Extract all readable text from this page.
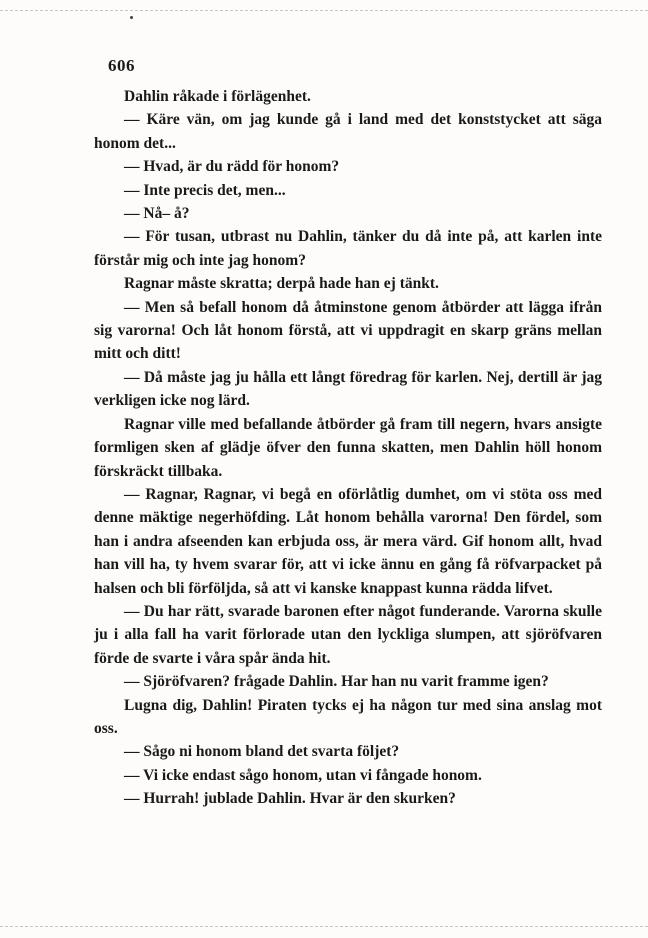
606

Dahlin råkade i förlägenhet.

— Käre vän, om jag kunde gå i land med det konststycket att säga honom det...

— Hvad, är du rädd för honom?

— Inte precis det, men...

— Nå– å?

— För tusan, utbrast nu Dahlin, tänker du då inte på, att karlen inte förstår mig och inte jag honom?

Ragnar måste skratta; derpå hade han ej tänkt.

— Men så befall honom då åtminstone genom åtbörder att lägga ifrån sig varorna! Och låt honom förstå, att vi uppdragit en skarp gräns mellan mitt och ditt!

— Då måste jag ju hålla ett långt föredrag för karlen. Nej, dertill är jag verkligen icke nog lärd.

Ragnar ville med befallande åtbörder gå fram till negern, hvars ansigte formligen sken af glädje öfver den funna skatten, men Dahlin höll honom förskräckt tillbaka.

— Ragnar, Ragnar, vi begå en oförlåtlig dumhet, om vi stöta oss med denne mäktige negerhöfding. Låt honom behålla varorna! Den fördel, som han i andra afseenden kan erbjuda oss, är mera värd. Gif honom allt, hvad han vill ha, ty hvem svarar för, att vi icke ännu en gång få röfvarpacket på halsen och bli förföljda, så att vi kanske knappast kunna rädda lifvet.

— Du har rätt, svarade baronen efter något funderande. Varorna skulle ju i alla fall ha varit förlorade utan den lyckliga slumpen, att sjöröfvaren förde de svarte i våra spår ända hit.

— Sjöröfvaren? frågade Dahlin. Har han nu varit framme igen?

Lugna dig, Dahlin! Piraten tycks ej ha någon tur med sina anslag mot oss.

— Sågo ni honom bland det svarta följet?

— Vi icke endast sågo honom, utan vi fångade honom.

— Hurrah! jublade Dahlin. Hvar är den skurken?
